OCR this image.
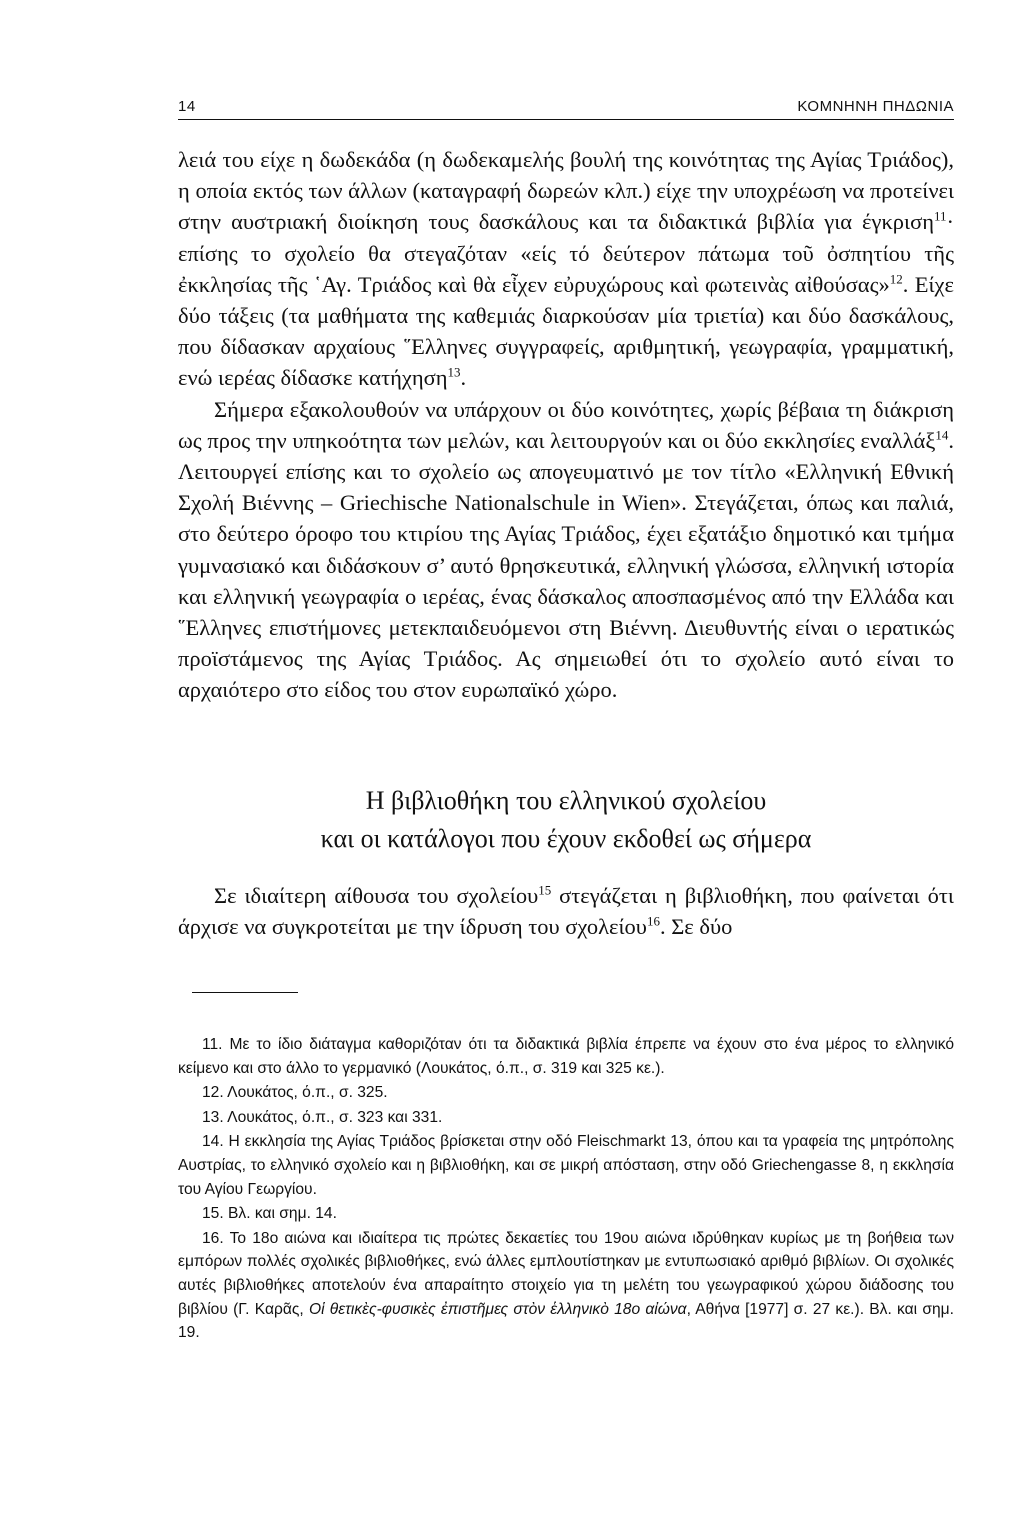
14	ΚΟΜΝΗΝΗ ΠΗΔΩΝΙΑ

λειά του είχε η δωδεκάδα (η δωδεκαμελής βουλή της κοινότητας της Αγίας Τριάδος), η οποία εκτός των άλλων (καταγραφή δωρεών κλπ.) είχε την υποχρέωση να προτείνει στην αυστριακή διοίκηση τους δασκάλους και τα διδακτικά βιβλία για έγκριση$^{11}$· επίσης το σχολείο θα στεγαζόταν «είς τό δεύτερον πάτωμα τοῦ ὀσπητίου τῆς ἐκκλησίας τῆς ῾Αγ. Τριάδος καὶ θὰ εἶχεν εὐρυχώρους καὶ φωτεινὰς αἰθούσας»$^{12}$. Είχε δύο τάξεις (τα μαθήματα της καθεμιάς διαρκούσαν μία τριετία) και δύο δασκάλους, που δίδασκαν αρχαίους ῞Ελληνες συγγραφείς, αριθμητική, γεωγραφία, γραμματική, ενώ ιερέας δίδασκε κατήχηση$^{13}$.

Σήμερα εξακολουθούν να υπάρχουν οι δύο κοινότητες, χωρίς βέβαια τη διάκριση ως προς την υπηκοότητα των μελών, και λειτουργούν και οι δύο εκκλησίες εναλλάξ$^{14}$. Λειτουργεί επίσης και το σχολείο ως απογευματινό με τον τίτλο «Ελληνική Εθνική Σχολή Βιέννης – Griechische Nationalschule in Wien». Στεγάζεται, όπως και παλιά, στο δεύτερο όροφο του κτιρίου της Αγίας Τριάδος, έχει εξατάξιο δημοτικό και τμήμα γυμνασιακό και διδάσκουν σ’ αυτό θρησκευτικά, ελληνική γλώσσα, ελληνική ιστορία και ελληνική γεωγραφία ο ιερέας, ένας δάσκαλος αποσπασμένος από την Ελλάδα και ῞Ελληνες επιστήμονες μετεκπαιδευόμενοι στη Βιέννη. Διευθυντής είναι ο ιερατικώς προϊστάμενος της Αγίας Τριάδος. Ας σημειωθεί ότι το σχολείο αυτό είναι το αρχαιότερο στο είδος του στον ευρωπαϊκό χώρο.

Η βιβλιοθήκη του ελληνικού σχολείου
και οι κατάλογοι που έχουν εκδοθεί ως σήμερα

Σε ιδιαίτερη αίθουσα του σχολείου$^{15}$ στεγάζεται η βιβλιοθήκη, που φαίνεται ότι άρχισε να συγκροτείται με την ίδρυση του σχολείου$^{16}$. Σε δύο

11. Με το ίδιο διάταγμα καθοριζόταν ότι τα διδακτικά βιβλία έπρεπε να έχουν στο ένα μέρος το ελληνικό κείμενο και στο άλλο το γερμανικό (Λουκάτος, ό.π., σ. 319 και 325 κε.).

12. Λουκάτος, ό.π., σ. 325.

13. Λουκάτος, ό.π., σ. 323 και 331.

14. Η εκκλησία της Αγίας Τριάδος βρίσκεται στην οδό Fleischmarkt 13, όπου και τα γραφεία της μητρόπολης Αυστρίας, το ελληνικό σχολείο και η βιβλιοθήκη, και σε μικρή απόσταση, στην οδό Griechengasse 8, η εκκλησία του Αγίου Γεωργίου.

15. Βλ. και σημ. 14.

16. Το 18ο αιώνα και ιδιαίτερα τις πρώτες δεκαετίες του 19ου αιώνα ιδρύθηκαν κυρίως με τη βοήθεια των εμπόρων πολλές σχολικές βιβλιοθήκες, ενώ άλλες εμπλουτίστηκαν με εντυπωσιακό αριθμό βιβλίων. Οι σχολικές αυτές βιβλιοθήκες αποτελούν ένα απαραίτητο στοιχείο για τη μελέτη του γεωγραφικού χώρου διάδοσης του βιβλίου (Γ. Καρᾶς, Οἱ θετικὲς-φυσικὲς ἐπιστῆμες στὸν ἑλληνικὸ 18ο αἰώνα, Αθήνα [1977] σ. 27 κε.). Βλ. και σημ. 19.
